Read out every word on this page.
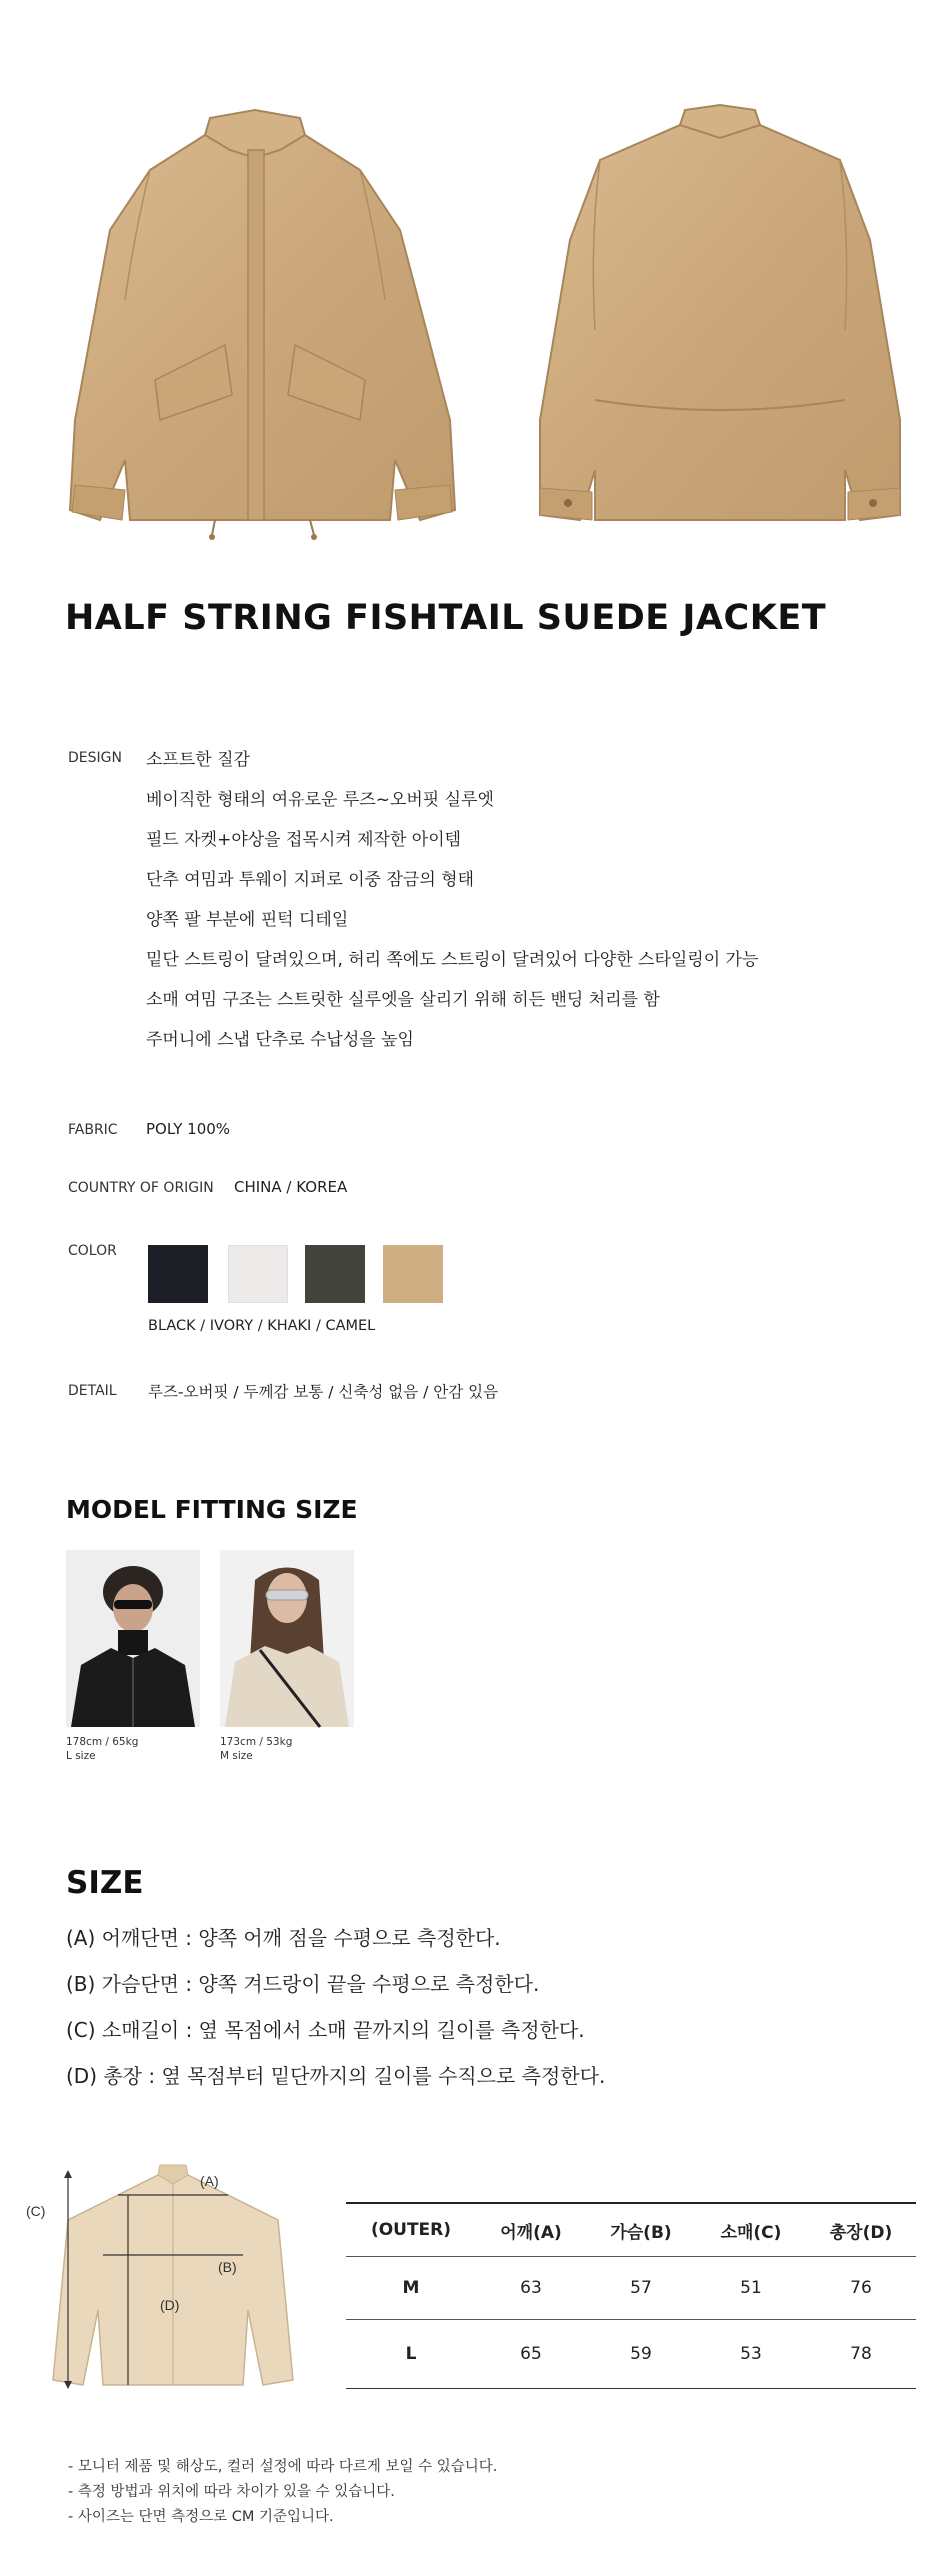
HALF STRING FISHTAIL SUEDE JACKET
DESIGN 소프트한 질감
베이직한 형태의 여유로운 루즈~오버핏 실루엣
필드 자켓+야상을 접목시켜 제작한 아이템
단추 여밈과 투웨이 지퍼로 이중 잠금의 형태
양쪽 팔 부분에 핀턱 디테일
밑단 스트링이 달려있으며, 허리 쪽에도 스트링이 달려있어 다양한 스타일링이 가능
소매 여밈 구조는 스트릿한 실루엣을 살리기 위해 히든 밴딩 처리를 함
주머니에 스냅 단추로 수납성을 높임
FABRIC POLY 100%
COUNTRY OF ORIGIN CHINA / KOREA
COLOR
BLACK / IVORY / KHAKI / CAMEL
DETAIL 루즈-오버핏 / 두께감 보통 / 신축성 없음 / 안감 있음
MODEL FITTING SIZE
178cm / 65kg
L size
173cm / 53kg
M size
SIZE
(A) 어깨단면 : 양쪽 어깨 점을 수평으로 측정한다.
(B) 가슴단면 : 양쪽 겨드랑이 끝을 수평으로 측정한다.
(C) 소매길이 : 옆 목점에서 소매 끝까지의 길이를 측정한다.
(D) 총장 : 옆 목점부터 밑단까지의 길이를 수직으로 측정한다.
(A)
(B)
(C)
(D)
(OUTER)	어깨(A)	가슴(B)	소매(C)	총장(D)
M	63	57	51	76
L	65	59	53	78
- 모니터 제품 및 해상도, 컬러 설정에 따라 다르게 보일 수 있습니다.
- 측정 방법과 위치에 따라 차이가 있을 수 있습니다.
- 사이즈는 단면 측정으로 CM 기준입니다.
